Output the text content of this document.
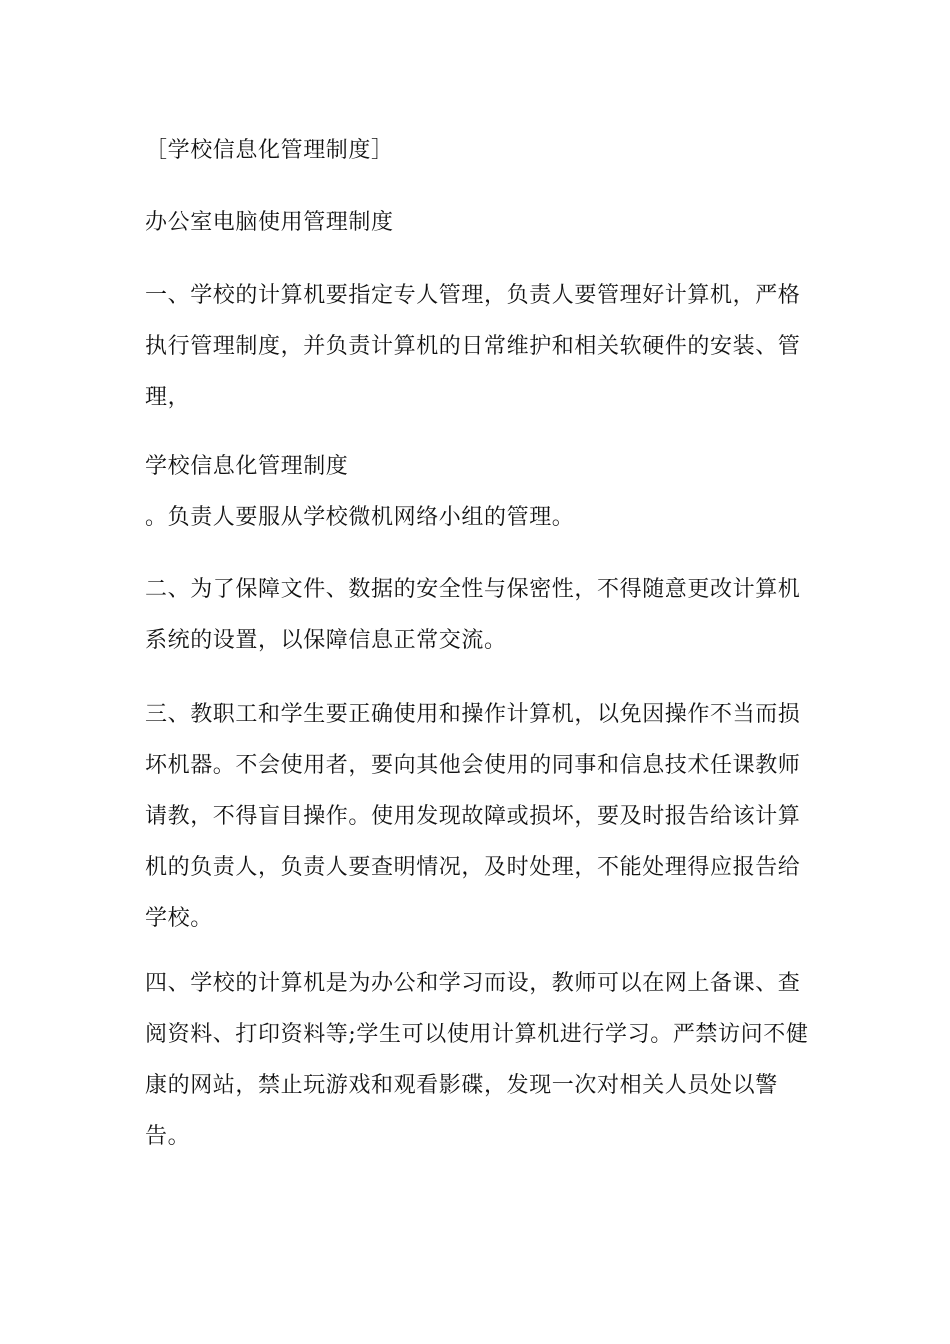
［学校信息化管理制度］

办公室电脑使用管理制度

一、学校的计算机要指定专人管理，负责人要管理好计算机，严格执行管理制度，并负责计算机的日常维护和相关软硬件的安装、管理，

学校信息化管理制度

。负责人要服从学校微机网络小组的管理。

二、为了保障文件、数据的安全性与保密性，不得随意更改计算机系统的设置，以保障信息正常交流。

三、教职工和学生要正确使用和操作计算机，以免因操作不当而损坏机器。不会使用者，要向其他会使用的同事和信息技术任课教师请教，不得盲目操作。使用发现故障或损坏，要及时报告给该计算机的负责人，负责人要查明情况，及时处理，不能处理得应报告给学校。

四、学校的计算机是为办公和学习而设，教师可以在网上备课、查阅资料、打印资料等;学生可以使用计算机进行学习。严禁访问不健康的网站，禁止玩游戏和观看影碟，发现一次对相关人员处以警告。
